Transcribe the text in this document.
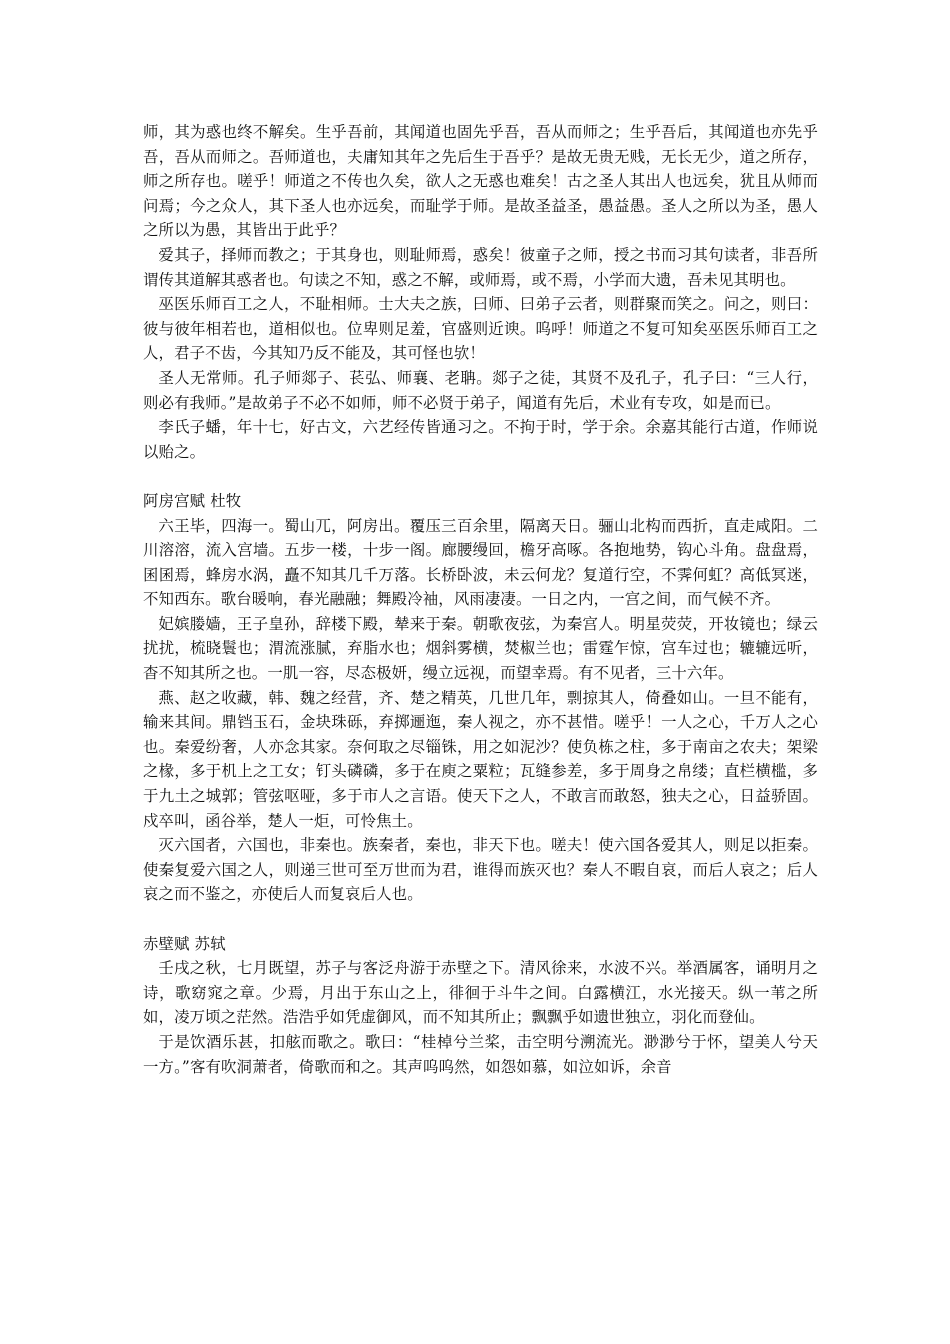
师，其为惑也终不解矣。生乎吾前，其闻道也固先乎吾，吾从而师之；生乎吾后，其闻道也亦先乎吾，吾从而师之。吾师道也，夫庸知其年之先后生于吾乎？是故无贵无贱，无长无少，道之所存，师之所存也。嗟乎！师道之不传也久矣，欲人之无惑也难矣！古之圣人其出人也远矣，犹且从师而问焉；今之众人，其下圣人也亦远矣，而耻学于师。是故圣益圣，愚益愚。圣人之所以为圣，愚人之所以为愚，其皆出于此乎？

爱其子，择师而教之；于其身也，则耻师焉，惑矣！彼童子之师，授之书而习其句读者，非吾所谓传其道解其惑者也。句读之不知，惑之不解，或师焉，或不焉，小学而大遗，吾未见其明也。

巫医乐师百工之人，不耻相师。士大夫之族，曰师、曰弟子云者，则群聚而笑之。问之，则曰：彼与彼年相若也，道相似也。位卑则足羞，官盛则近谀。呜呼！师道之不复可知矣巫医乐师百工之人，君子不齿，今其知乃反不能及，其可怪也欤！

圣人无常师。孔子师郯子、苌弘、师襄、老聃。郯子之徒，其贤不及孔子，孔子曰：“三人行，则必有我师。”是故弟子不必不如师，师不必贤于弟子，闻道有先后，术业有专攻，如是而已。

李氏子蟠，年十七，好古文，六艺经传皆通习之。不拘于时，学于余。余嘉其能行古道，作师说以贻之。

阿房宫赋 杜牧

六王毕，四海一。蜀山兀，阿房出。覆压三百余里，隔离天日。骊山北构而西折，直走咸阳。二川溶溶，流入宫墙。五步一楼，十步一阁。廊腰缦回，檐牙高啄。各抱地势，钩心斗角。盘盘焉，囷囷焉，蜂房水涡，矗不知其几千万落。长桥卧波，未云何龙？复道行空，不霁何虹？高低冥迷，不知西东。歌台暖响，春光融融；舞殿冷袖，风雨凄凄。一日之内，一宫之间，而气候不齐。

妃嫔媵嫱，王子皇孙，辞楼下殿，辇来于秦。朝歌夜弦，为秦宫人。明星荧荧，开妆镜也；绿云扰扰，梳晓鬟也；渭流涨腻，弃脂水也；烟斜雾横，焚椒兰也；雷霆乍惊，宫车过也；辘辘远听，杳不知其所之也。一肌一容，尽态极妍，缦立远视，而望幸焉。有不见者，三十六年。

燕、赵之收藏，韩、魏之经营，齐、楚之精英，几世几年，剽掠其人，倚叠如山。一旦不能有，输来其间。鼎铛玉石，金块珠砾，弃掷逦迤，秦人视之，亦不甚惜。嗟乎！一人之心，千万人之心也。秦爱纷奢，人亦念其家。奈何取之尽锱铢，用之如泥沙？使负栋之柱，多于南亩之农夫；架梁之椽，多于机上之工女；钉头磷磷，多于在庾之粟粒；瓦缝参差，多于周身之帛缕；直栏横槛，多于九土之城郭；管弦呕哑，多于市人之言语。使天下之人，不敢言而敢怒，独夫之心，日益骄固。戍卒叫，函谷举，楚人一炬，可怜焦土。

灭六国者，六国也，非秦也。族秦者，秦也，非天下也。嗟夫！使六国各爱其人，则足以拒秦。使秦复爱六国之人，则递三世可至万世而为君，谁得而族灭也？秦人不暇自哀，而后人哀之；后人哀之而不鉴之，亦使后人而复哀后人也。

赤壁赋 苏轼

壬戌之秋，七月既望，苏子与客泛舟游于赤壁之下。清风徐来，水波不兴。举酒属客，诵明月之诗，歌窈窕之章。少焉，月出于东山之上，徘徊于斗牛之间。白露横江，水光接天。纵一苇之所如，凌万顷之茫然。浩浩乎如凭虚御风，而不知其所止；飘飘乎如遗世独立，羽化而登仙。

于是饮酒乐甚，扣舷而歌之。歌曰：“桂棹兮兰桨，击空明兮溯流光。渺渺兮于怀，望美人兮天一方。”客有吹洞萧者，倚歌而和之。其声呜呜然，如怨如慕，如泣如诉，余音
